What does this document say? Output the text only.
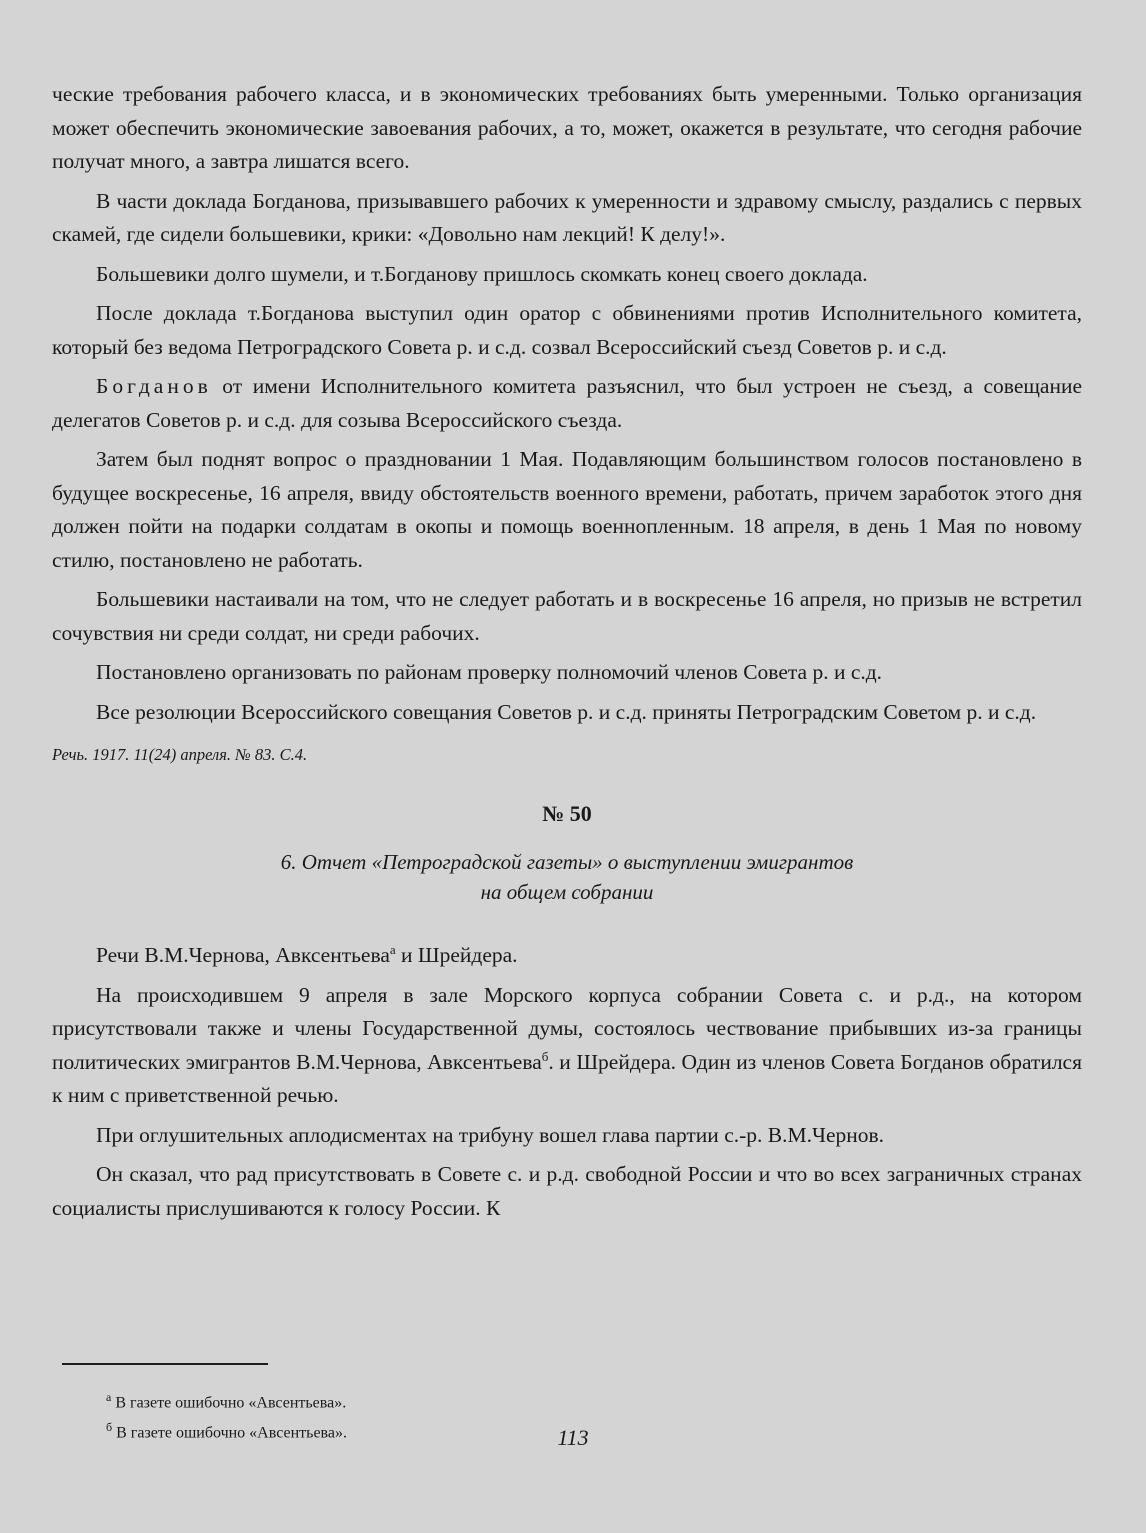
ческие требования рабочего класса, и в экономических требованиях быть умеренными. Только организация может обеспечить экономические завоевания рабочих, а то, может, окажется в результате, что сегодня рабочие получат много, а завтра лишатся всего.

В части доклада Богданова, призывавшего рабочих к умеренности и здравому смыслу, раздались с первых скамей, где сидели большевики, крики: «Довольно нам лекций! К делу!».

Большевики долго шумели, и т.Богданову пришлось скомкать конец своего доклада.

После доклада т.Богданова выступил один оратор с обвинениями против Исполнительного комитета, который без ведома Петроградского Совета р. и с.д. созвал Всероссийский съезд Советов р. и с.д.

Богданов от имени Исполнительного комитета разъяснил, что был устроен не съезд, а совещание делегатов Советов р. и с.д. для созыва Всероссийского съезда.

Затем был поднят вопрос о праздновании 1 Мая. Подавляющим большинством голосов постановлено в будущее воскресенье, 16 апреля, ввиду обстоятельств военного времени, работать, причем заработок этого дня должен пойти на подарки солдатам в окопы и помощь военнопленным. 18 апреля, в день 1 Мая по новому стилю, постановлено не работать.

Большевики настаивали на том, что не следует работать и в воскресенье 16 апреля, но призыв не встретил сочувствия ни среди солдат, ни среди рабочих.

Постановлено организовать по районам проверку полномочий членов Совета р. и с.д.

Все резолюции Всероссийского совещания Советов р. и с.д. приняты Петроградским Советом р. и с.д.

Речь. 1917. 11(24) апреля. № 83. С.4.

№ 50

6. Отчет «Петроградской газеты» о выступлении эмигрантов
на общем собрании

Речи В.М.Чернова, Авксентьева$^а$ и Шрейдера.

На происходившем 9 апреля в зале Морского корпуса собрании Совета с. и р.д., на котором присутствовали также и члены Государственной думы, состоялось чествование прибывших из-за границы политических эмигрантов В.М.Чернова, Авксентьева$^б$. и Шрейдера. Один из членов Совета Богданов обратился к ним с приветственной речью.

При оглушительных аплодисментах на трибуну вошел глава партии с.-р. В.М.Чернов.

Он сказал, что рад присутствовать в Совете с. и р.д. свободной России и что во всех заграничных странах социалисты прислушиваются к голосу России. К

$^а$ В газете ошибочно «Авсентьева».
$^б$ В газете ошибочно «Авсентьева».	113
